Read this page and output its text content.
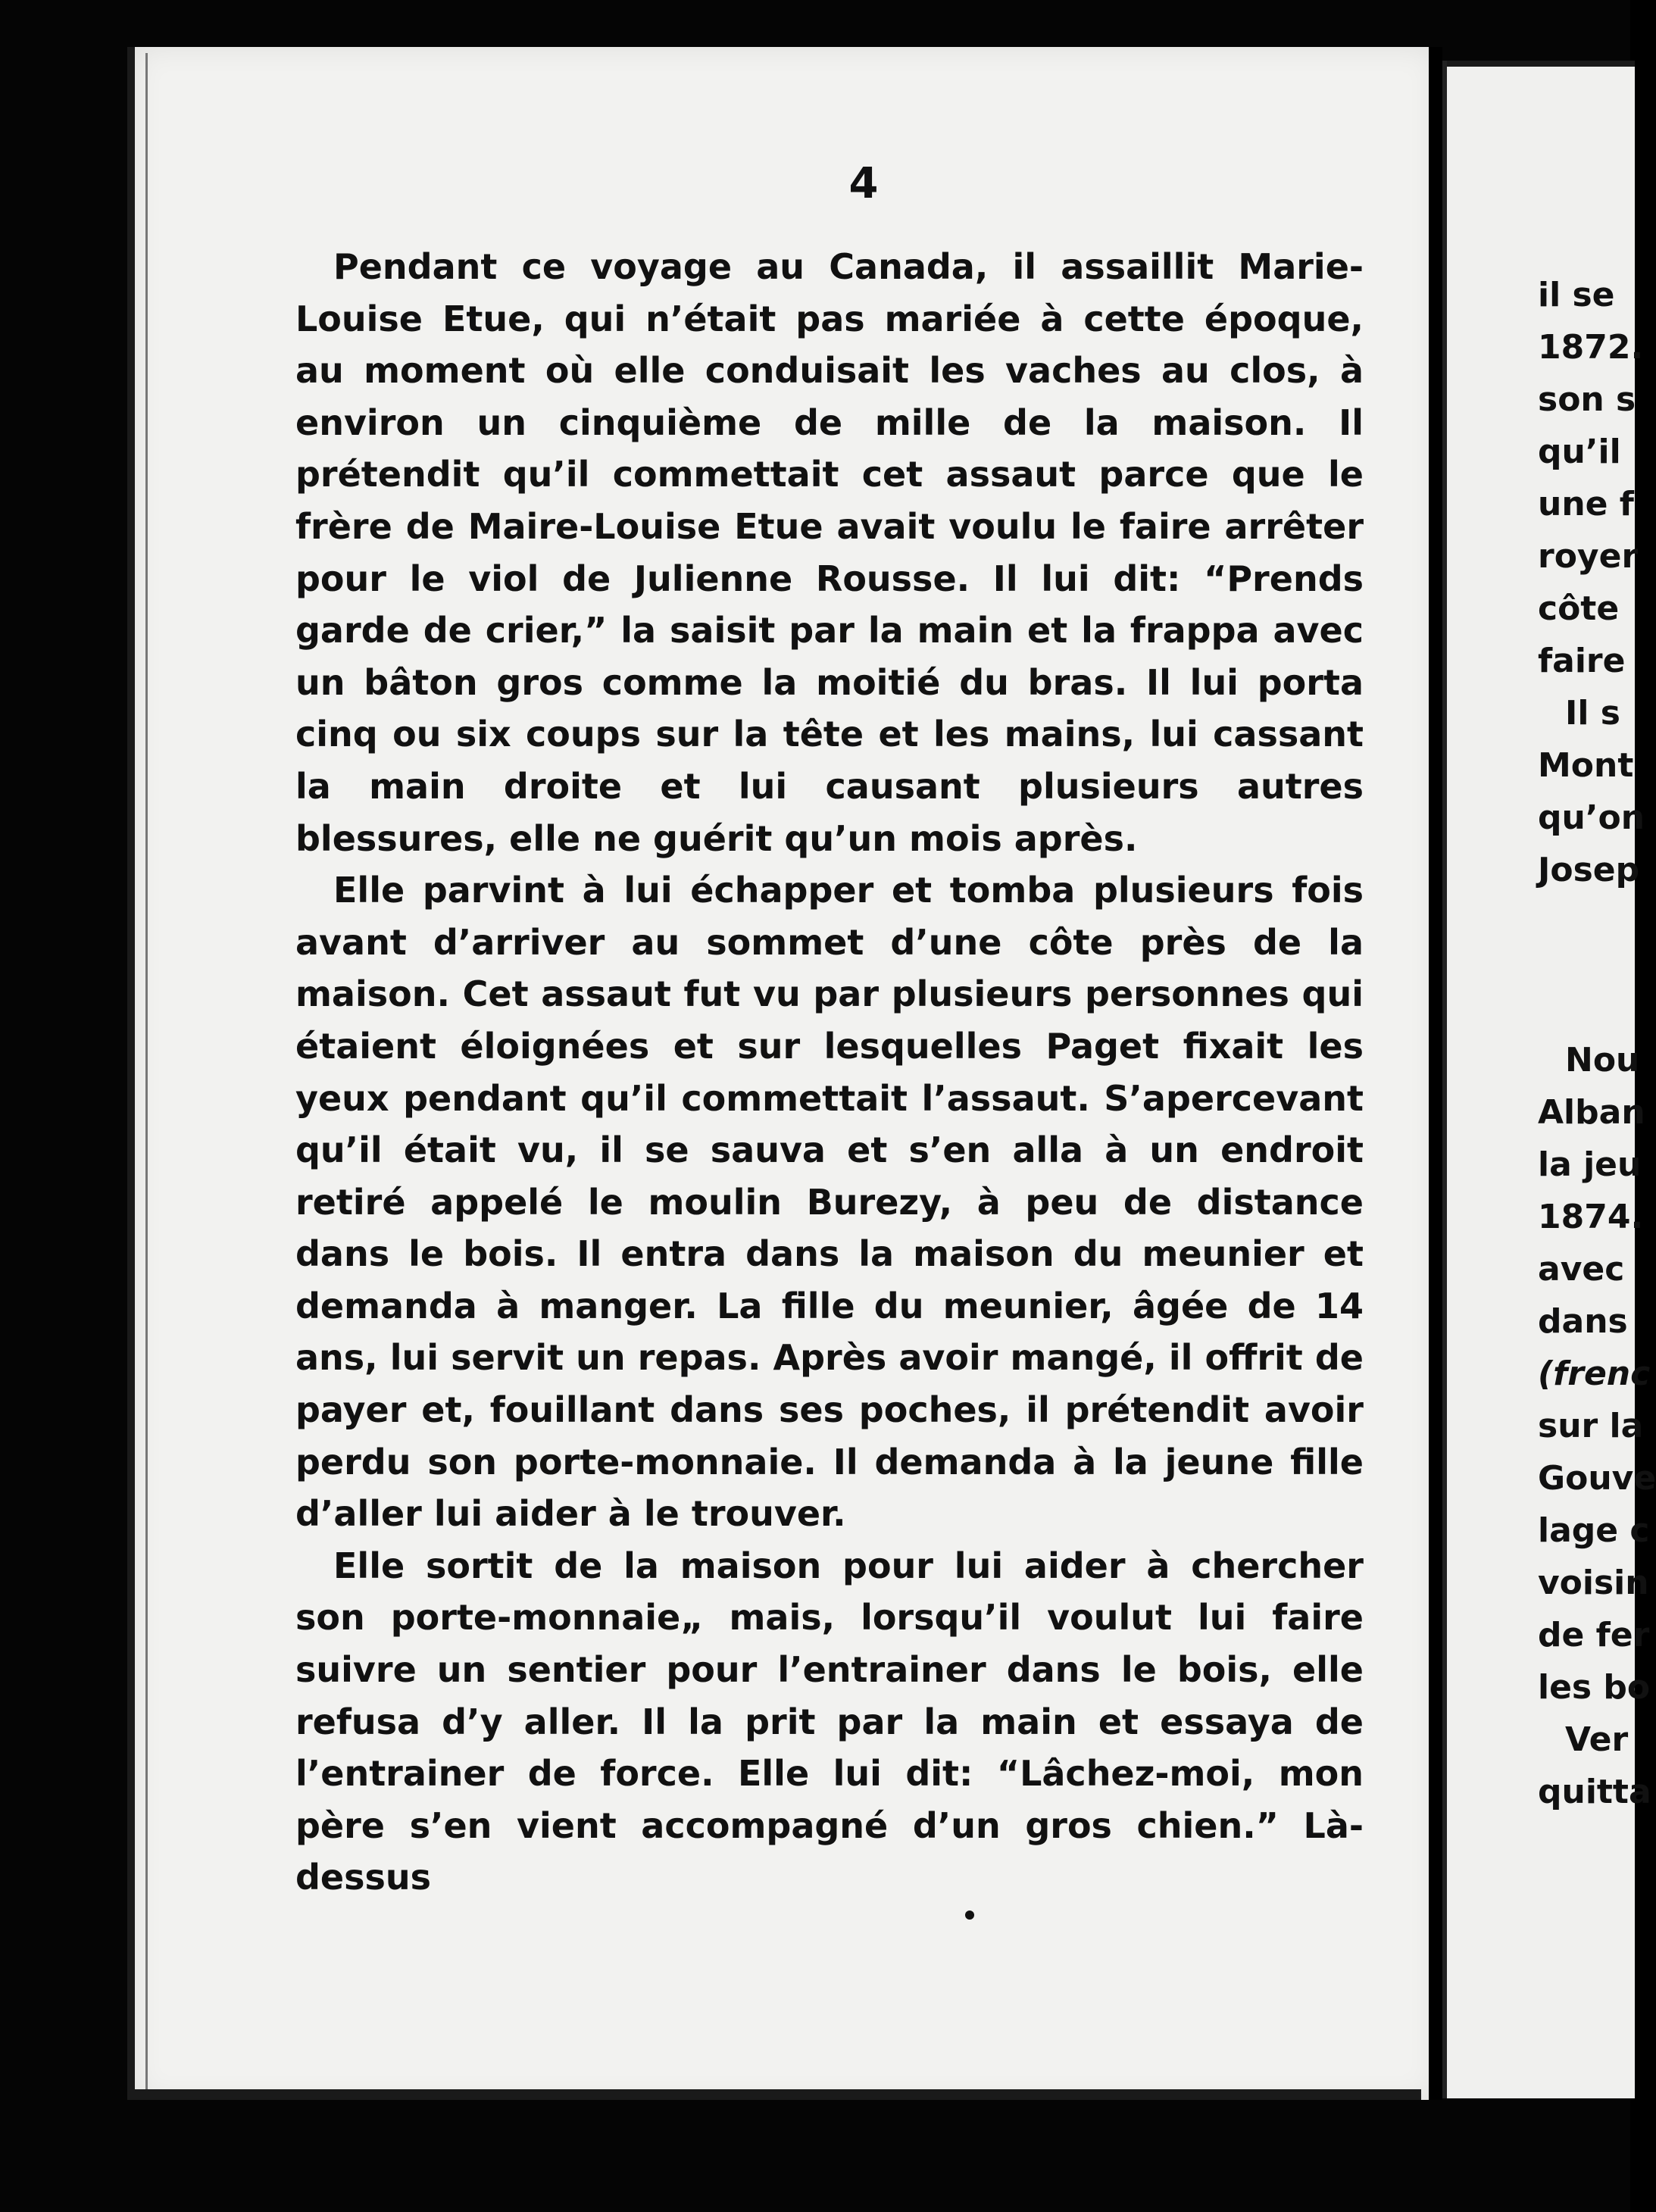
4

Pendant ce voyage au Canada, il assaillit Marie-Louise Etue, qui n’était pas mariée à cette époque, au moment où elle conduisait les vaches au clos, à environ un cinquième de mille de la maison. Il prétendit qu’il commettait cet assaut parce que le frère de Maire-Louise Etue avait voulu le faire arrêter pour le viol de Julienne Rousse. Il lui dit: “Prends garde de crier,” la saisit par la main et la frappa avec un bâton gros comme la moitié du bras. Il lui porta cinq ou six coups sur la tête et les mains, lui cassant la main droite et lui causant plusieurs autres blessures, elle ne guérit qu’un mois après.

Elle parvint à lui échapper et tomba plusieurs fois avant d’arriver au sommet d’une côte près de la maison. Cet assaut fut vu par plusieurs personnes qui étaient éloignées et sur lesquelles Paget fixait les yeux pendant qu’il commettait l’assaut. S’apercevant qu’il était vu, il se sauva et s’en alla à un endroit retiré appelé le moulin Burezy, à peu de distance dans le bois. Il entra dans la maison du meunier et demanda à manger. La fille du meunier, âgée de 14 ans, lui servit un repas. Après avoir mangé, il offrit de payer et, fouillant dans ses poches, il prétendit avoir perdu son porte-monnaie. Il demanda à la jeune fille d’aller lui aider à le trouver.

Elle sortit de la maison pour lui aider à chercher son porte-monnaie„ mais, lorsqu’il voulut lui faire suivre un sentier pour l’entrainer dans le bois, elle refusa d’y aller. Il la prit par la main et essaya de l’entrainer de force. Elle lui dit: “Lâchez-moi, mon père s’en vient accompagné d’un gros chien.” Là-dessus

il se
1872.
son s
qu’il
une f
royer
côte
faire
Il s
Mont
qu’on
Josep
Nou
Alban
la jeu
1874.
avec
dans
(frenc
sur la
Gouve
lage c
voisin
de fer
les bo
Ver
quitta
